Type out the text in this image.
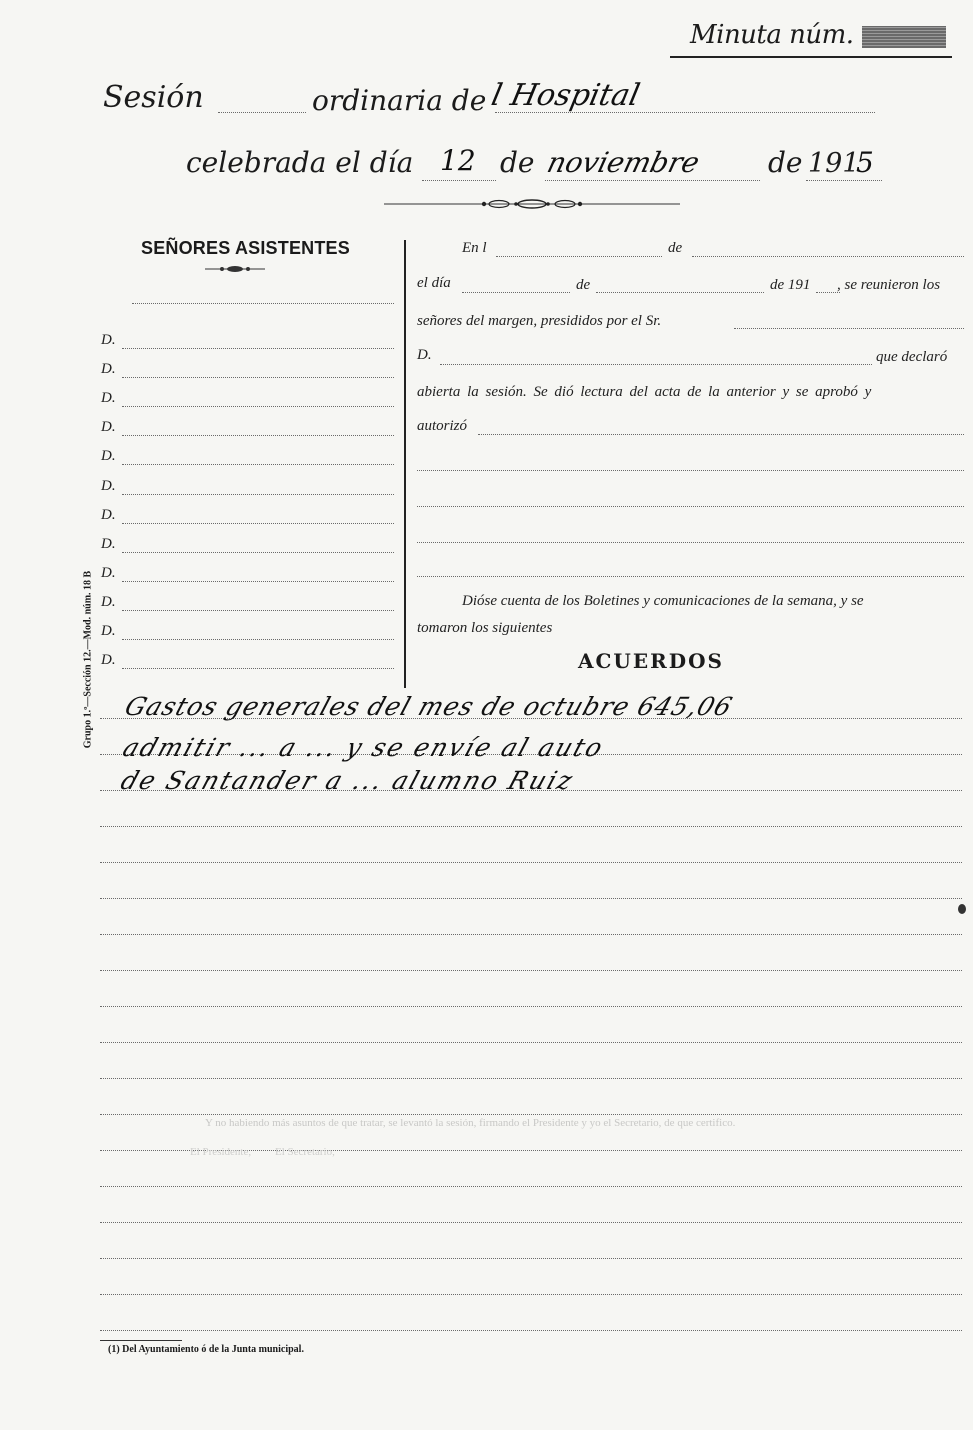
Minuta núm.
Sesión	ordinaria de l Hospital
celebrada el día 12 de noviembre de 191
5
SEÑORES ASISTENTES
D.
D.
D.
D.
D.
D.
D.
D.
D.
D.
D.
D.
En l	de
el día	de	de 191 , se reunieron los
señores del margen, presididos por el Sr.
D.	que declaró
abierta la sesión. Se dió lectura del acta de la anterior y se aprobó y
autorizó
Dióse cuenta de los Boletines y comunicaciones de la semana, y se
tomaron los siguientes
ACUERDOS
Grupo 1.º—Sección 12.—Mod. núm. 18 B Gastos generales del mes de octubre 645,06
admitir ... a ... y se envíe al auto
de Santander a ... alumno Ruiz
Y no habiendo más asuntos de que tratar, se levantó la sesión, firmando el Presidente y yo el Secretario, de que certifico.
El Presidente, El Secretario,
(1) Del Ayuntamiento ó de la Junta municipal.
